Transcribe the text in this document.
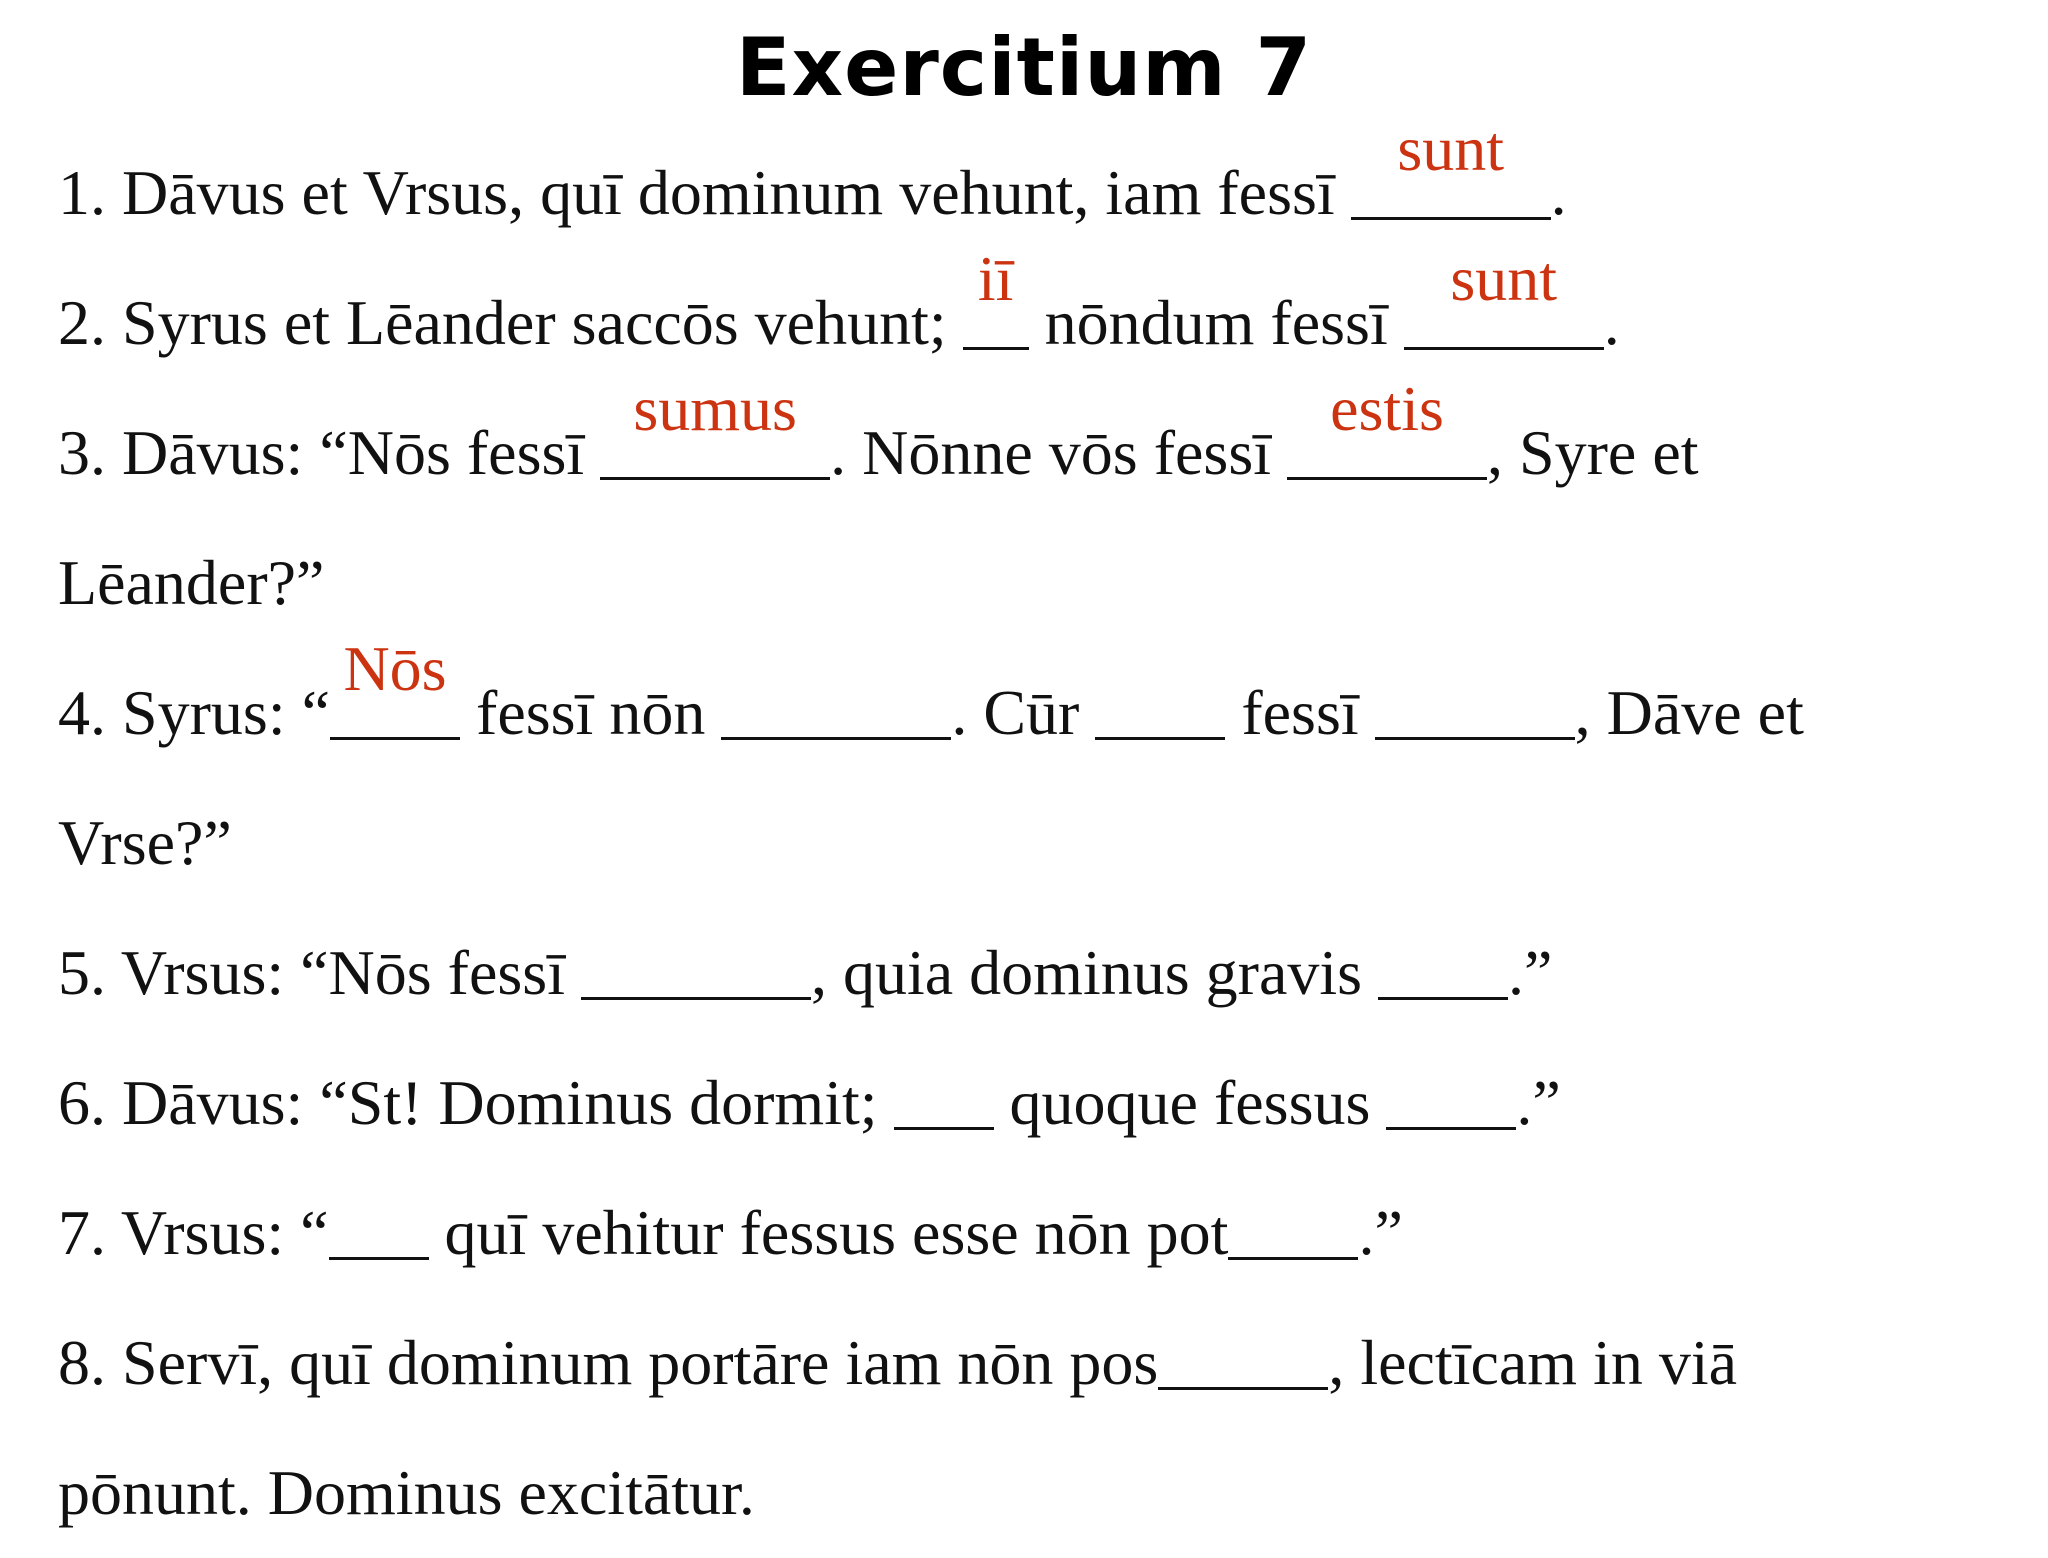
Exercitium 7
1. Dāvus et Vrsus, quī dominum vehunt, iam fessī
sunt
.
2. Syrus et Lēander saccōs vehunt;
iī
nōndum fessī
sunt
.
3. Dāvus: “Nōs fessī
sumus
. Nōnne vōs fessī
estis
, Syre et
Lēander?”
4. Syrus: “
Nōs
fessī nōn	. Cūr  fessī	, Dāve et
Vrse?”
5. Vrsus: “Nōs fessī	, quia dominus gravis .”
6. Dāvus: “St! Dominus dormit;  quoque fessus .”
7. Vrsus: “ quī vehitur fessus esse nōn pot .”
8. Servī, quī dominum portāre iam nōn pos	, lectīcam in viā
pōnunt. Dominus excitātur.
